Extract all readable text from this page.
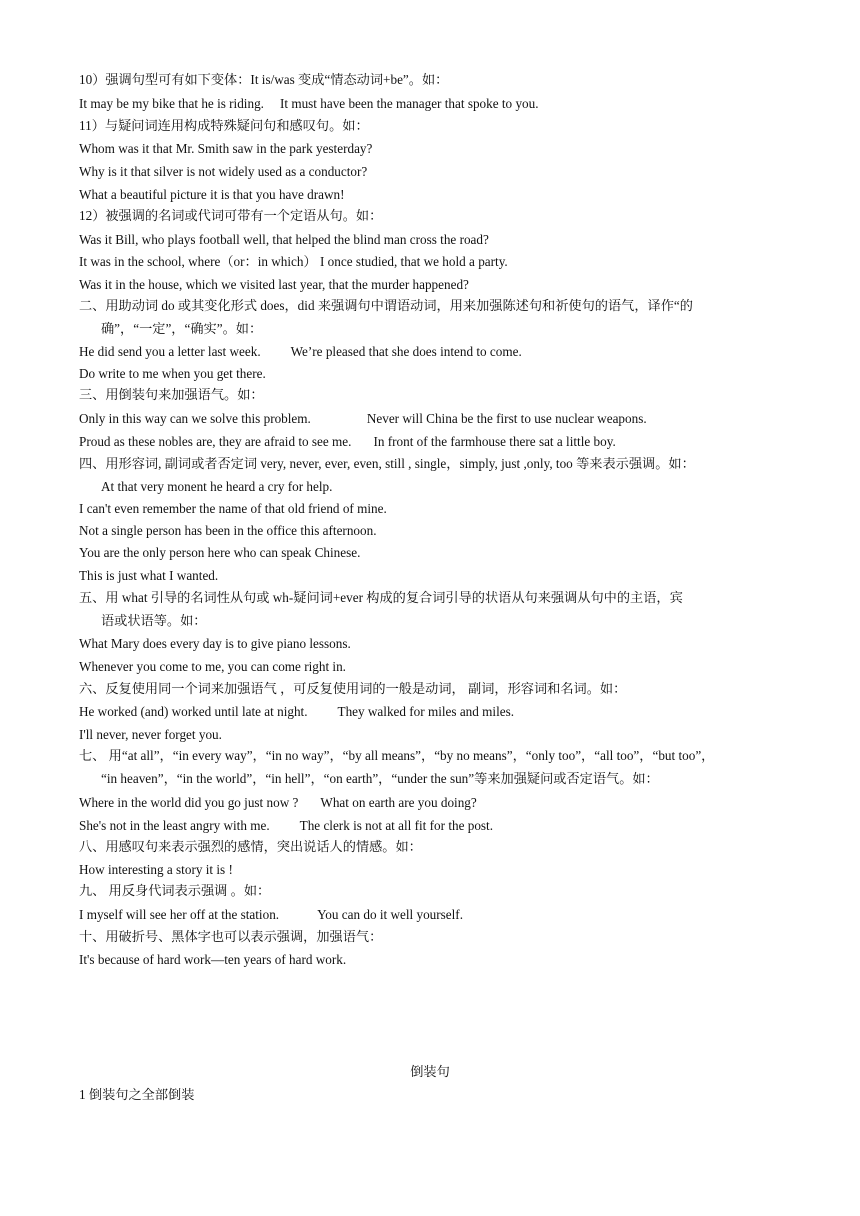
10）强调句型可有如下变体：It is/was 变成“情态动词+be”。如：
It may be my bike that he is riding. It must have been the manager that spoke to you.
11）与疑问词连用构成特殊疑问句和感叹句。如：
Whom was it that Mr. Smith saw in the park yesterday?
Why is it that silver is not widely used as a conductor?
What a beautiful picture it is that you have drawn!
12）被强调的名词或代词可带有一个定语从句。如：
Was it Bill, who plays football well, that helped the blind man cross the road?
It was in the school, where（or：in which） I once studied, that we hold a party.
Was it in the house, which we visited last year, that the murder happened?
二、用助动词 do 或其变化形式 does，did 来强调句中谓语动词，用来加强陈述句和祈使句的语气，译作“的
确”，“一定”，“确实”。如：
He did send you a letter last week. We’re pleased that she does intend to come.
Do write to me when you get there.
三、用倒装句来加强语气。如：
Only in this way can we solve this problem.	Never will China be the first to use nuclear weapons.
Proud as these nobles are, they are afraid to see me. In front of the farmhouse there sat a little boy.
四、用形容词, 副词或者否定词 very, never, ever, even, still , single，simply, just ,only, too 等来表示强调。如：
At that very monent he heard a cry for help.
I can't even remember the name of that old friend of mine.
Not a single person has been in the office this afternoon.
You are the only person here who can speak Chinese.
This is just what I wanted.
五、用 what 引导的名词性从句或 wh-疑问词+ever 构成的复合词引导的状语从句来强调从句中的主语，宾
语或状语等。如：
What Mary does every day is to give piano lessons.
Whenever you come to me, you can come right in.
六、反复使用同一个词来加强语气 ，可反复使用词的一般是动词， 副词，形容词和名词。如：
He worked (and) worked until late at night. They walked for miles and miles.
I'll never, never forget you.
七、 用“at all”，“in every way”，“in no way”，“by all means”，“by no means”，“only too”，“all too”，“but too”，
“in heaven”，“in the world”，“in hell”，“on earth”，“under the sun”等来加强疑问或否定语气。如：
Where in the world did you go just now ? What on earth are you doing?
She's not in the least angry with me. The clerk is not at all fit for the post.
八、用感叹句来表示强烈的感情，突出说话人的情感。如：
How interesting a story it is !
九、 用反身代词表示强调 。如：
I myself will see her off at the station.	You can do it well yourself.
十、用破折号、黑体字也可以表示强调，加强语气：
It's because of hard work—ten years of hard work.
倒装句
1 倒装句之全部倒装
